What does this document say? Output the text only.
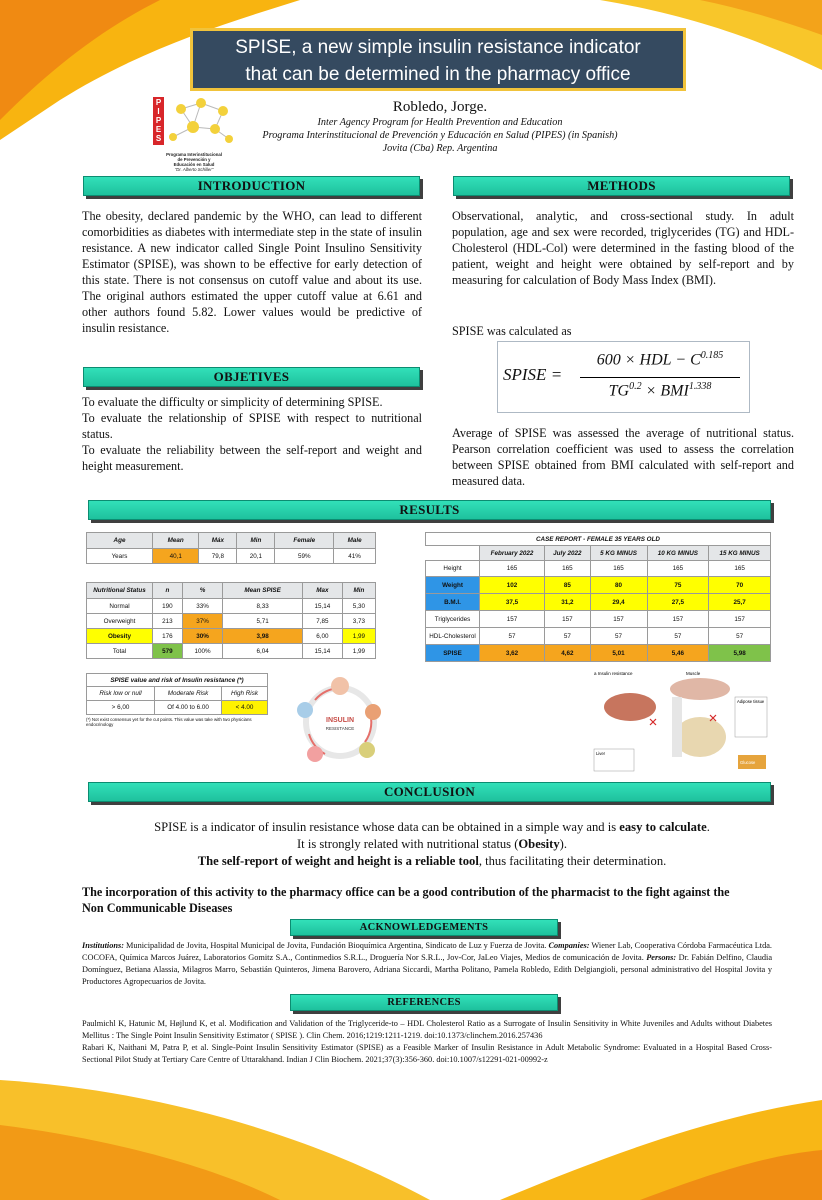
SPISE, a new simple insulin resistance indicator
that can be determined in the pharmacy office
P
I
P
E
S
Programa Interinstitucional
de Prevención y
Educación en Salud
"Dr. Alberto Schiller"
Robledo, Jorge.
Inter Agency Program for Health Prevention and Education
Programa Interinstitucional de Prevención y Educación en Salud (PIPES) (in Spanish)
Jovita (Cba) Rep. Argentina
INTRODUCTION
The obesity, declared pandemic by the WHO, can lead to different comorbidities as diabetes with intermediate step in the state of insulin resistance. A new indicator called Single Point Insulino Sensitivity Estimator (SPISE), was shown to be effective for early detection of this state. There is not consensus on cutoff value and about its use. The original authors estimated the upper cutoff value at 6.61 and other authors found 5.82. Lower values would be predictive of insulin resistance.
OBJETIVES
To evaluate the difficulty or simplicity of determining SPISE.
To evaluate the relationship of SPISE with respect to nutritional status.
To evaluate the reliability between the self-report and weight and height measurement.
METHODS
Observational, analytic, and cross-sectional study. In adult population, age and sex were recorded, triglycerides (TG) and HDL-Cholesterol (HDL-Col) were determined in the fasting blood of the patient, weight and height were obtained by self-report and by measuring for calculation of Body Mass Index (BMI).
SPISE was calculated as
SPISE =
600 × HDL − $C^{0.185}$
$TG^{0.2} \times BMI^{1.338}$
Average of SPISE was assessed the average of nutritional status. Pearson correlation coefficient was used to assess the correlation between SPISE obtained from BMI calculated with self-report and measured data.
RESULTS
Age	Mean	Máx	Min	Female	Male
Years	40,1	79,8	20,1	59%	41%
Nutritional Status	n	%	Mean SPISE	Max	Min
Normal	190	33%	8,33	15,14	5,30
Overweight	213	37%	5,71	7,85	3,73
Obesity	176	30%	3,98	6,00	1,99
Total	579	100%	6,04	15,14	1,99
SPISE value and risk of Insulin resistance (*)		
Risk low or null	Moderate Risk	High Risk
> 6,00	Of 4.00 to 6.00	< 4.00
(*) Not exist consensus yet for the cut points. This value was take with two physicians endocrinology
INSULIN
RESISTANCE
CASE REPORT - FEMALE 35 YEARS OLD					
	February 2022	July 2022	5 KG MINUS	10 KG MINUS	15 KG MINUS
Height	165	165	165	165	165
Weight	102	85	80	75	70
B.M.I.	37,5	31,2	29,4	27,5	25,7
Triglycerides	157	157	157	157	157
HDL-Cholesterol	57	57	57	57	57
SPISE	3,62	4,62	5,01	5,46	5,98
a Insulin resistance	Muscle
Adipose tissue
Liver
Glucose
CONCLUSION
SPISE is a indicator of insulin resistance whose data can be obtained in a simple way and is easy to calculate.
It is strongly related with nutritional status (Obesity).
The self-report of weight and height is a reliable tool, thus facilitating their determination.
The incorporation of this activity to the pharmacy office can be a good contribution of the pharmacist to the fight against the Non Communicable Diseases
ACKNOWLEDGEMENTS
Institutions: Municipalidad de Jovita, Hospital Municipal de Jovita, Fundación Bioquímica Argentina, Sindicato de Luz y Fuerza de Jovita. Companies: Wiener Lab, Cooperativa Córdoba Farmacéutica Ltda. COCOFA, Química Marcos Juárez, Laboratorios Gomitz S.A., Continmedios S.R.L., Droguería Nor S.R.L., Jov-Cor, JaLeo Viajes, Medios de comunicación de Jovita. Persons: Dr. Fabián Delfino, Claudia Domínguez, Betiana Alassia, Milagros Marro, Sebastián Quinteros, Jimena Barovero, Adriana Siccardi, Martha Politano, Pamela Robledo, Edith Delgiangioli, personal administrativo del Hospital Jovita y Productores Agropecuarios de Jovita.
REFERENCES
Paulmichl K, Hatunic M, Højlund K, et al. Modification and Validation of the Triglyceride-to – HDL Cholesterol Ratio as a Surrogate of Insulin Sensitivity in White Juveniles and Adults without Diabetes Mellitus : The Single Point Insulin Sensitivity Estimator ( SPISE ). Clin Chem. 2016;1219:1211-1219. doi:10.1373/clinchem.2016.257436
Rabari K, Naithani M, Patra P, et al. Single-Point Insulin Sensitivity Estimator (SPISE) as a Feasible Marker of Insulin Resistance in Adult Metabolic Syndrome: Evaluated in a Hospital Based Cross-Sectional Pilot Study at Tertiary Care Centre of Uttarakhand. Indian J Clin Biochem. 2021;37(3):356-360. doi:10.1007/s12291-021-00992-z
